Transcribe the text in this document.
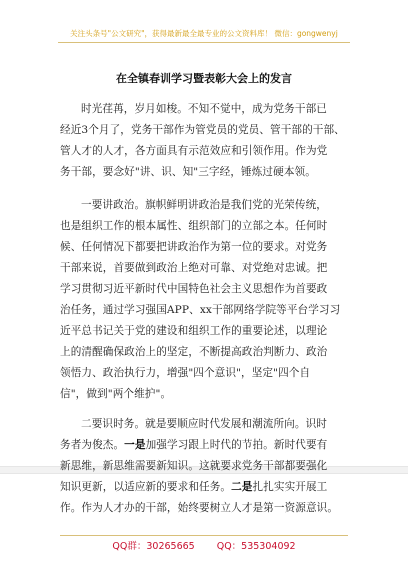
关注头条号"公文研究"，获得最新最全最专业的公文资料库！ 微信：gongwenyj
在全镇春训学习暨表彰大会上的发言
时光荏苒，岁月如梭。不知不觉中，成为党务干部已
经近3个月了，党务干部作为管党员的党员、管干部的干部、
管人才的人才，各方面具有示范效应和引领作用。作为党
务干部，要念好"讲、识、知"三字经，锤炼过硬本领。
一要讲政治。旗帜鲜明讲政治是我们党的光荣传统，
也是组织工作的根本属性、组织部门的立部之本。任何时
候、任何情况下都要把讲政治作为第一位的要求。对党务
干部来说，首要做到政治上绝对可靠、对党绝对忠诚。把
学习贯彻习近平新时代中国特色社会主义思想作为首要政
治任务，通过学习强国APP、xx干部网络学院等平台学习习
近平总书记关于党的建设和组织工作的重要论述，以理论
上的清醒确保政治上的坚定，不断提高政治判断力、政治
领悟力、政治执行力，增强"四个意识"，坚定"四个自
信"，做到"两个维护"。
二要识时务。就是要顺应时代发展和潮流所向。识时
务者为俊杰。一是加强学习跟上时代的节拍。新时代要有
新思维，新思维需要新知识。这就要求党务干部都要强化
知识更新，以适应新的要求和任务。二是扎扎实实开展工
作。作为人才办的干部，始终要树立人才是第一资源意识。
QQ群：30265665 QQ：535304092
